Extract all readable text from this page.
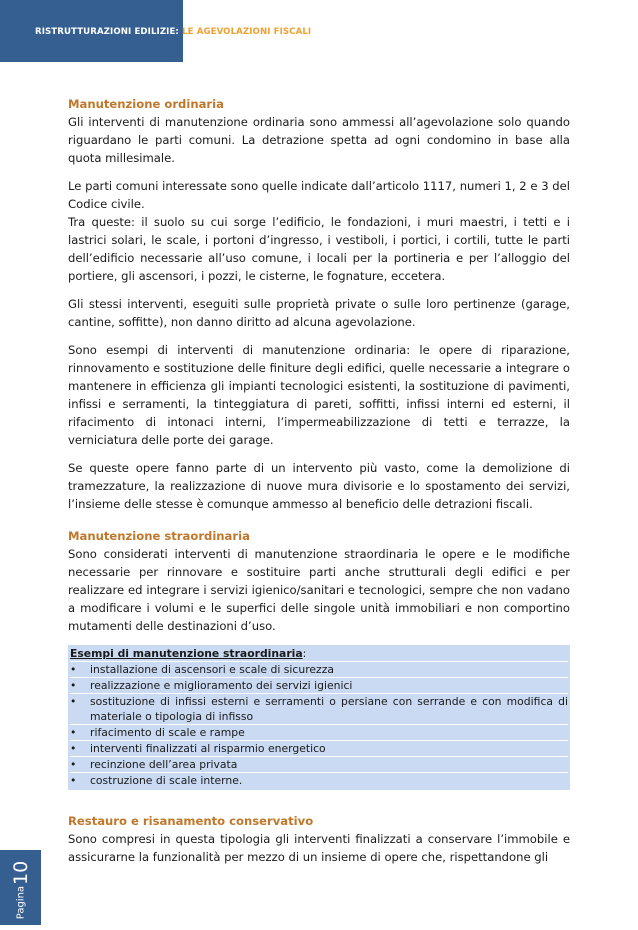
RISTRUTTURAZIONI EDILIZIE: LE AGEVOLAZIONI FISCALI
Manutenzione ordinaria

Gli interventi di manutenzione ordinaria sono ammessi all’agevolazione solo quando riguardano le parti comuni. La detrazione spetta ad ogni condomino in base alla quota millesimale.

Le parti comuni interessate sono quelle indicate dall’articolo 1117, numeri 1, 2 e 3 del Codice civile.

Tra queste: il suolo su cui sorge l’edificio, le fondazioni, i muri maestri, i tetti e i lastrici solari, le scale, i portoni d’ingresso, i vestiboli, i portici, i cortili, tutte le parti dell’edificio necessarie all’uso comune, i locali per la portineria e per l’alloggio del portiere, gli ascensori, i pozzi, le cisterne, le fognature, eccetera.

Gli stessi interventi, eseguiti sulle proprietà private o sulle loro pertinenze (garage, cantine, soffitte), non danno diritto ad alcuna agevolazione.

Sono esempi di interventi di manutenzione ordinaria: le opere di riparazione, rinnovamento e sostituzione delle finiture degli edifici, quelle necessarie a integrare o mantenere in efficienza gli impianti tecnologici esistenti, la sostituzione di pavimenti, infissi e serramenti, la tinteggiatura di pareti, soffitti, infissi interni ed esterni, il rifacimento di intonaci interni, l’impermeabilizzazione di tetti e terrazze, la verniciatura delle porte dei garage.

Se queste opere fanno parte di un intervento più vasto, come la demolizione di tramezzature, la realizzazione di nuove mura divisorie e lo spostamento dei servizi, l’insieme delle stesse è comunque ammesso al beneficio delle detrazioni fiscali.

Manutenzione straordinaria

Sono considerati interventi di manutenzione straordinaria le opere e le modifiche necessarie per rinnovare e sostituire parti anche strutturali degli edifici e per realizzare ed integrare i servizi igienico/sanitari e tecnologici, sempre che non vadano a modificare i volumi e le superfici delle singole unità immobiliari e non comportino mutamenti delle destinazioni d’uso.

Esempi di manutenzione straordinaria:
•	installazione di ascensori e scale di sicurezza
•	realizzazione e miglioramento dei servizi igienici
•	sostituzione di infissi esterni e serramenti o persiane con serrande e con modifica di materiale o tipologia di infisso
•	rifacimento di scale e rampe
•	interventi finalizzati al risparmio energetico
•	recinzione dell’area privata
•	costruzione di scale interne.
Restauro e risanamento conservativo

Sono compresi in questa tipologia gli interventi finalizzati a conservare l’immobile e assicurarne la funzionalità per mezzo di un insieme di opere che, rispettandone gli

Pagina10
